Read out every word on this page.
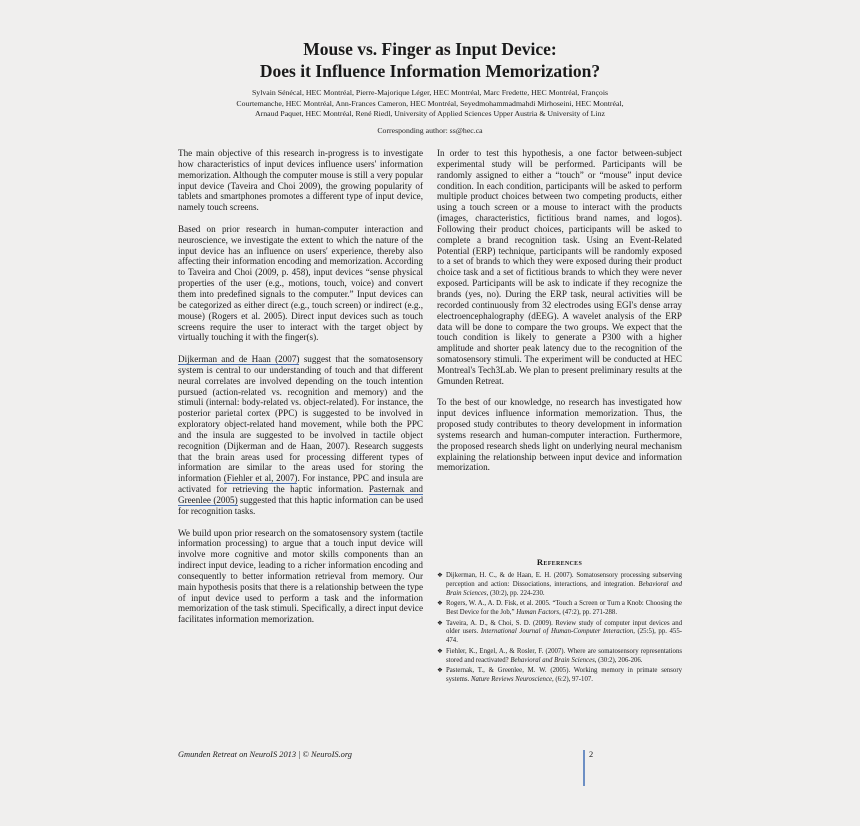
Mouse vs. Finger as Input Device:
Does it Influence Information Memorization?
Sylvain Sénécal, HEC Montréal, Pierre-Majorique Léger, HEC Montréal, Marc Fredette, HEC Montréal, François
Courtemanche, HEC Montréal, Ann-Frances Cameron, HEC Montréal, Seyedmohammadmahdi Mirhoseini, HEC Montréal,
Arnaud Paquet, HEC Montréal, René Riedl, University of Applied Sciences Upper Austria & University of Linz
Corresponding author: ss@hec.ca

The main objective of this research in-progress is to investigate how characteristics of input devices influence users' information memorization. Although the computer mouse is still a very popular input device (Taveira and Choi 2009), the growing popularity of tablets and smartphones promotes a different type of input device, namely touch screens.

Based on prior research in human-computer interaction and neuroscience, we investigate the extent to which the nature of the input device has an influence on users' experience, thereby also affecting their information encoding and memorization. According to Taveira and Choi (2009, p. 458), input devices “sense physical properties of the user (e.g., motions, touch, voice) and convert them into predefined signals to the computer.” Input devices can be categorized as either direct (e.g., touch screen) or indirect (e.g., mouse) (Rogers et al. 2005). Direct input devices such as touch screens require the user to interact with the target object by virtually touching it with the finger(s).

Dijkerman and de Haan (2007) suggest that the somatosensory system is central to our understanding of touch and that different neural correlates are involved depending on the touch intention pursued (action-related vs. recognition and memory) and the stimuli (internal: body-related vs. object-related). For instance, the posterior parietal cortex (PPC) is suggested to be involved in exploratory object-related hand movement, while both the PPC and the insula are suggested to be involved in tactile object recognition (Dijkerman and de Haan, 2007). Research suggests that the brain areas used for processing different types of information are similar to the areas used for storing the information (Fiehler et al, 2007). For instance, PPC and insula are activated for retrieving the haptic information. Pasternak and Greenlee (2005) suggested that this haptic information can be used for recognition tasks.

We build upon prior research on the somatosensory system (tactile information processing) to argue that a touch input device will involve more cognitive and motor skills components than an indirect input device, leading to a richer information encoding and consequently to better information retrieval from memory. Our main hypothesis posits that there is a relationship between the type of input device used to perform a task and the information memorization of the task stimuli. Specifically, a direct input device facilitates information memorization.

In order to test this hypothesis, a one factor between-subject experimental study will be performed. Participants will be randomly assigned to either a “touch” or “mouse” input device condition. In each condition, participants will be asked to perform multiple product choices between two competing products, either using a touch screen or a mouse to interact with the products (images, characteristics, fictitious brand names, and logos). Following their product choices, participants will be asked to complete a brand recognition task. Using an Event-Related Potential (ERP) technique, participants will be randomly exposed to a set of brands to which they were exposed during their product choice task and a set of fictitious brands to which they were never exposed. Participants will be ask to indicate if they recognize the brands (yes, no). During the ERP task, neural activities will be recorded continuously from 32 electrodes using EGI's dense array electroencephalography (dEEG). A wavelet analysis of the ERP data will be done to compare the two groups. We expect that the touch condition is likely to generate a P300 with a higher amplitude and shorter peak latency due to the recognition of the somatosensory stimuli. The experiment will be conducted at HEC Montreal's Tech3Lab. We plan to present preliminary results at the Gmunden Retreat.

To the best of our knowledge, no research has investigated how input devices influence information memorization. Thus, the proposed study contributes to theory development in information systems research and human-computer interaction. Furthermore, the proposed research sheds light on underlying neural mechanism explaining the relationship between input device and information memorization.

References
❖ Dijkerman, H. C., & de Haan, E. H. (2007). Somatosensory processing subserving perception and action: Dissociations, interactions, and integration. Behavioral and Brain Sciences, (30:2), pp. 224-230.
❖ Rogers, W. A., A. D. Fisk, et al. 2005. “Touch a Screen or Turn a Knob: Choosing the Best Device for the Job,” Human Factors, (47:2), pp. 271-288.
❖ Taveira, A. D., & Choi, S. D. (2009). Review study of computer input devices and older users. International Journal of Human-Computer Interaction, (25:5), pp. 455-474.
❖ Fiehler, K., Engel, A., & Rosler, F. (2007). Where are somatosensory representations stored and reactivated? Behavioral and Brain Sciences, (30:2), 206-206.
❖ Pasternak, T., & Greenlee, M. W. (2005). Working memory in primate sensory systems. Nature Reviews Neuroscience, (6:2), 97-107.
Gmunden Retreat on NeuroIS 2013 | © NeuroIS.org	2
